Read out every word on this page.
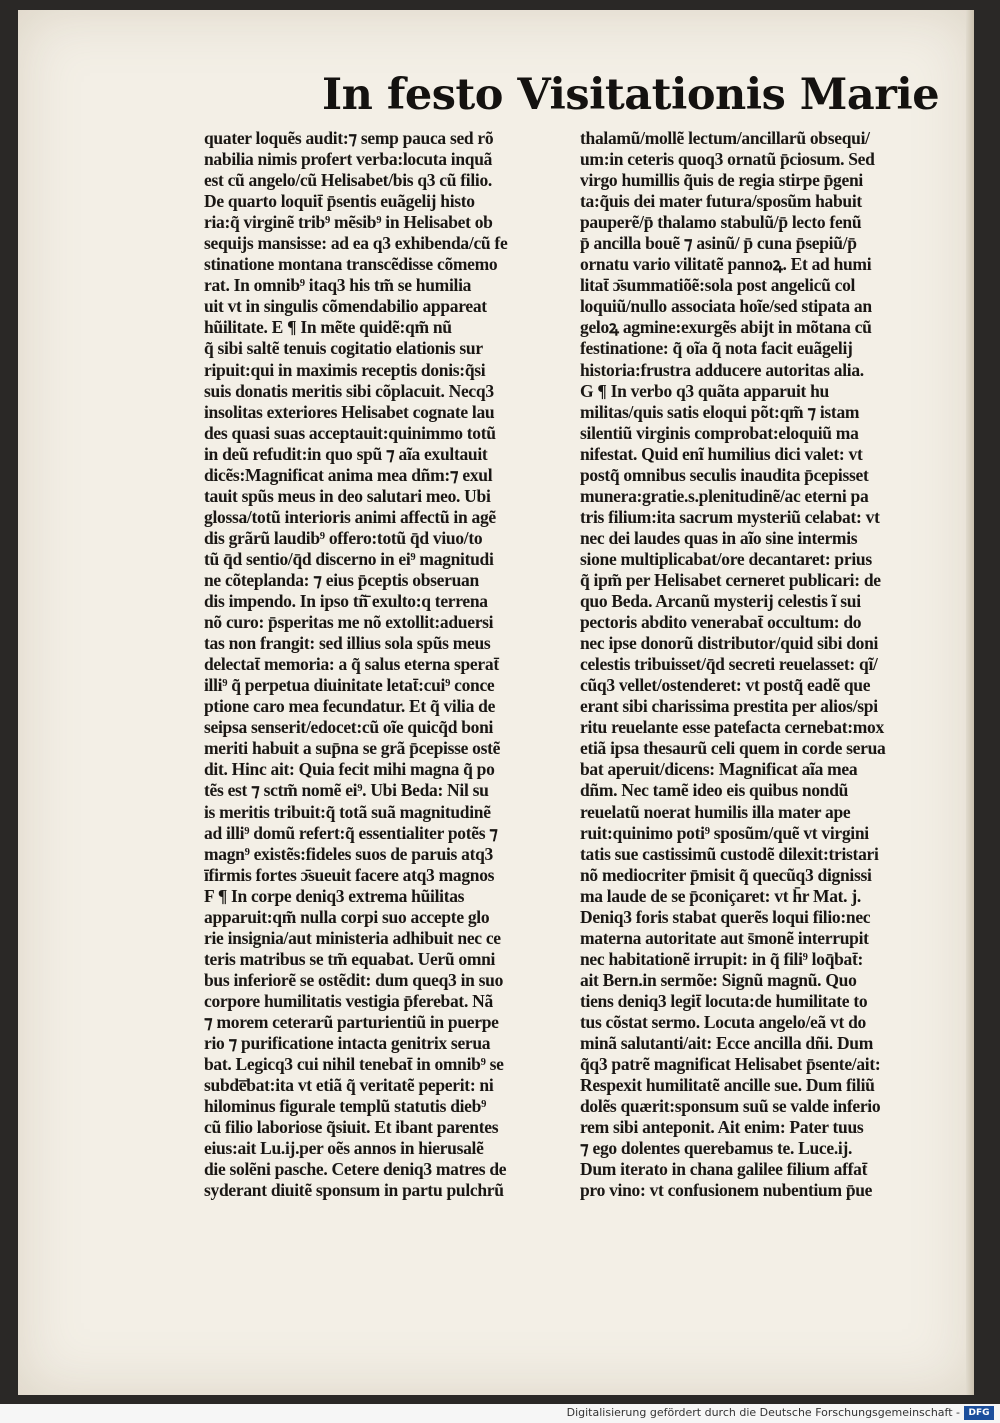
In festo Visitationis Marie
quater loquẽs audit:⁊ semp pauca sed rõ
nabilia nimis profert verba:locuta inquã
est cũ angelo/cũ Helisabet/bis q3 cũ filio.
De quarto loquit̄ p̄sentis euãgelij histo
ria:q̃ virginẽ trib⁹ mẽsib⁹ in Helisabet ob
sequijs mansisse: ad ea q3 exhibenda/cũ fe
stinatione montana transcẽdisse cõmemo
rat. In omnib⁹ itaq3 his tm̃ se humilia
uit vt in singulis cõmendabilio appareat
hũilitate. E ¶ In mẽte quidẽ:qm̃ nũ
q̃ sibi saltẽ tenuis cogitatio elationis sur
ripuit:qui in maximis receptis donis:q̃si
suis donatis meritis sibi cõplacuit. Necq3
insolitas exteriores Helisabet cognate lau
des quasi suas acceptauit:quinimmo totũ
in deũ refudit:in quo spũ ⁊ aĩa exultauit
dicẽs:Magnificat anima mea dñm:⁊ exul
tauit spũs meus in deo salutari meo. Ubi
glossa/totũ interioris animi affectũ in agẽ
dis grãrũ laudib⁹ offero:totũ q̄d viuo/to
tũ q̄d sentio/q̄d discerno in ei⁹ magnitudi
ne cõteplanda: ⁊ eius p̄ceptis obseruan
dis impendo. In ipso tñ̄ exulto:q terrena
nõ curo: p̄speritas me nõ extollit:aduersi
tas non frangit: sed illius sola spũs meus
delectat̄ memoria: a q̃ salus eterna sperat̄
illi⁹ q̃ perpetua diuinitate letat̄:cui⁹ conce
ptione caro mea fecundatur. Et q̃ vilia de
seipsa senserit/edocet:cũ oĩe quicq̃d boni
meriti habuit a sup̄na se grã p̄cepisse ostẽ
dit. Hinc ait: Quia fecit mihi magna q̃ po
tẽs est ⁊ sctm̃ nomẽ ei⁹. Ubi Beda: Nil su
is meritis tribuit:q̃ totã suã magnitudinẽ
ad illi⁹ domũ refert:q̃ essentialiter potẽs ⁊
magn⁹ existẽs:fideles suos de paruis atq3
īfirmis fortes ɔ̄sueuit facere atq3 magnos
F ¶ In corpe deniq3 extrema hũilitas
apparuit:qm̃ nulla corpi suo accepte glo
rie insignia/aut ministeria adhibuit nec ce
teris matribus se tm̃ equabat. Uerũ omni
bus inferiorẽ se ostẽdit: dum queq3 in suo
corpore humilitatis vestigia p̄ferebat. Nã
⁊ morem ceterarũ parturientiũ in puerpe
rio ⁊ purificatione intacta genitrix serua
bat. Legicq3 cui nihil tenebat̄ in omnib⁹ se
subde̅bat:ita vt etiã q̃ veritatẽ peperit: ni
hilominus figurale templũ statutis dieb⁹
cũ filio laboriose q̃siuit. Et ibant parentes
eius:ait Lu.ij.per oẽs annos in hierusalẽ
die solẽni pasche. Cetere deniq3 matres de
syderant diuitẽ sponsum in partu pulchrũ
thalamũ/mollẽ lectum/ancillarũ obsequi/
um:in ceteris quoq3 ornatũ p̄ciosum. Sed
virgo humillis q̃uis de regia stirpe p̄geni
ta:q̃uis dei mater futura/sposũm habuit
pauperẽ/p̄ thalamo stabulũ/p̄ lecto fenũ
p̄ ancilla bouẽ ⁊ asinũ/ p̄ cuna p̄sepiũ/p̄
ornatu vario vilitatẽ pannoꝝ. Et ad humi
litat̄ ɔ̄summatiõẽ:sola post angelicũ col
loquiũ/nullo associata hoĩe/sed stipata an
geloꝝ agmine:exurgẽs abijt in mõtana cũ
festinatione: q̃ oĩa q̃ nota facit euãgelij
historia:frustra adducere autoritas alia.
G ¶ In verbo q3 quãta apparuit hu
militas/quis satis eloqui põt:qm̃ ⁊ istam
silentiũ virginis comprobat:eloquiũ ma
nifestat. Quid enĩ humilius dici valet: vt
postq̃ omnibus seculis inaudita p̄cepisset
munera:gratie.s.plenitudinẽ/ac eterni pa
tris filium:ita sacrum mysteriũ celabat: vt
nec dei laudes quas in aĩo sine intermis
sione multiplicabat/ore decantaret: prius
q̃ ipm̃ per Helisabet cerneret publicari: de
quo Beda. Arcanũ mysterij celestis ĩ sui
pectoris abdito venerabat̄ occultum: do
nec ipse donorũ distributor/quid sibi doni
celestis tribuisset/q̄d secreti reuelasset: qĩ/
cũq3 vellet/ostenderet: vt postq̃ eadẽ que
erant sibi charissima prestita per alios/spi
ritu reuelante esse patefacta cernebat:mox
etiã ipsa thesaurũ celi quem in corde serua
bat aperuit/dicens: Magnificat aĩa mea
dñm. Nec tamẽ ideo eis quibus nondũ
reuelatũ noerat humilis illa mater ape
ruit:quinimo poti⁹ sposũm/quẽ vt virgini
tatis sue castissimũ custodẽ dilexit:tristari
nõ mediocriter p̄misit q̃ quecũq3 dignissi
ma laude de se p̄coniçaret: vt h̄r Mat. j.
Deniq3 foris stabat querẽs loqui filio:nec
materna autoritate aut s̄monẽ interrupit
nec habitationẽ irrupit: in q̃ fili⁹ loq̄bat̄:
ait Bern.in sermõe: Signũ magnũ. Quo
tiens deniq3 legit̄ locuta:de humilitate to
tus cõstat sermo. Locuta angelo/eã vt do
minã salutanti/ait: Ecce ancilla dñi. Dum
q̃q3 patrẽ magnificat Helisabet p̄sente/ait:
Respexit humilitatẽ ancille sue. Dum filiũ
dolẽs quærit:sponsum suũ se valde inferio
rem sibi anteponit. Ait enim: Pater tuus
⁊ ego dolentes querebamus te. Luce.ij.
Dum iterato in chana galilee filium affat̄
pro vino: vt confusionem nubentium p̄ue
Digitalisierung gefördert durch die Deutsche Forschungsgemeinschaft - DFG
